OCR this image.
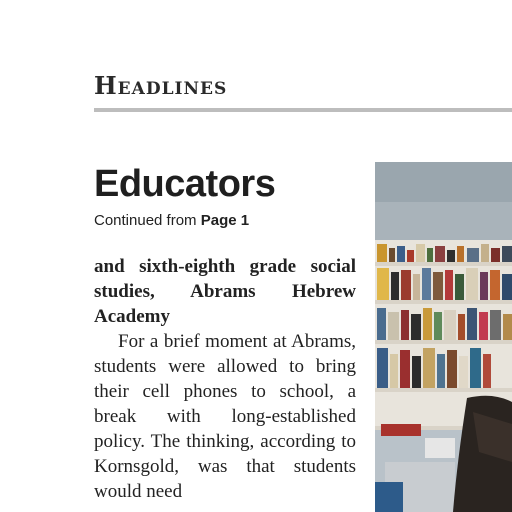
Headlines
Educators
Continued from Page 1

and sixth-eighth grade social studies, Abrams Hebrew Academy

For a brief moment at Abrams, students were allowed to bring their cell phones to school, a break with long-established policy. The thinking, according to Kornsgold, was that students would need
